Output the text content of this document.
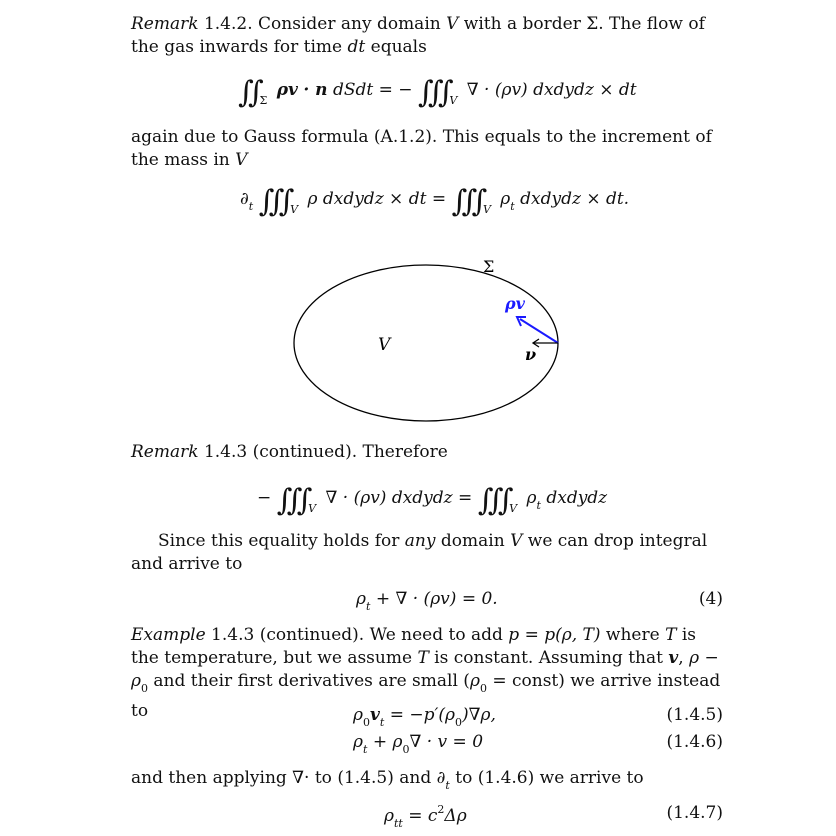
Remark 1.4.2. Consider any domain V with a border Σ. The flow of the gas inwards for time dt equals

∬ $_\Sigma$ ρv · n dSdt = − ∭ $_V$ ∇ · (ρv) dxdydz × dt

again due to Gauss formula (A.1.2). This equals to the increment of the mass in V

$\partial_t$ ∭ $_V$ ρ dxdydz × dt = ∭ $_V$ $\rho_t$ dxdydz × dt.
Σ
V
ρv
ν

Remark 1.4.3 (continued). Therefore

− ∭ $_V$ ∇ · (ρv) dxdydz = ∭ $_V$ $\rho_t$ dxdydz

Since this equality holds for any domain V we can drop integral and arrive to

$\rho_t$ + ∇ · (ρv) = 0.	(4)

Example 1.4.3 (continued). We need to add p = p(ρ, T) where T is the temperature, but we assume T is constant. Assuming that v, $\rho - \rho_0$ and their first derivatives are small ($\rho_0$ = const) we arrive instead to	$\rho_0v_t = -p'(\rho_0)\nabla\rho$,	(1.4.5)
$\rho_t + \rho_0\nabla \cdot v = 0$	(1.4.6)

and then applying ∇· to (1.4.5) and $\partial_t$ to (1.4.6) we arrive to

$\rho_{tt} = c^2\Delta\rho$	(1.4.7)
